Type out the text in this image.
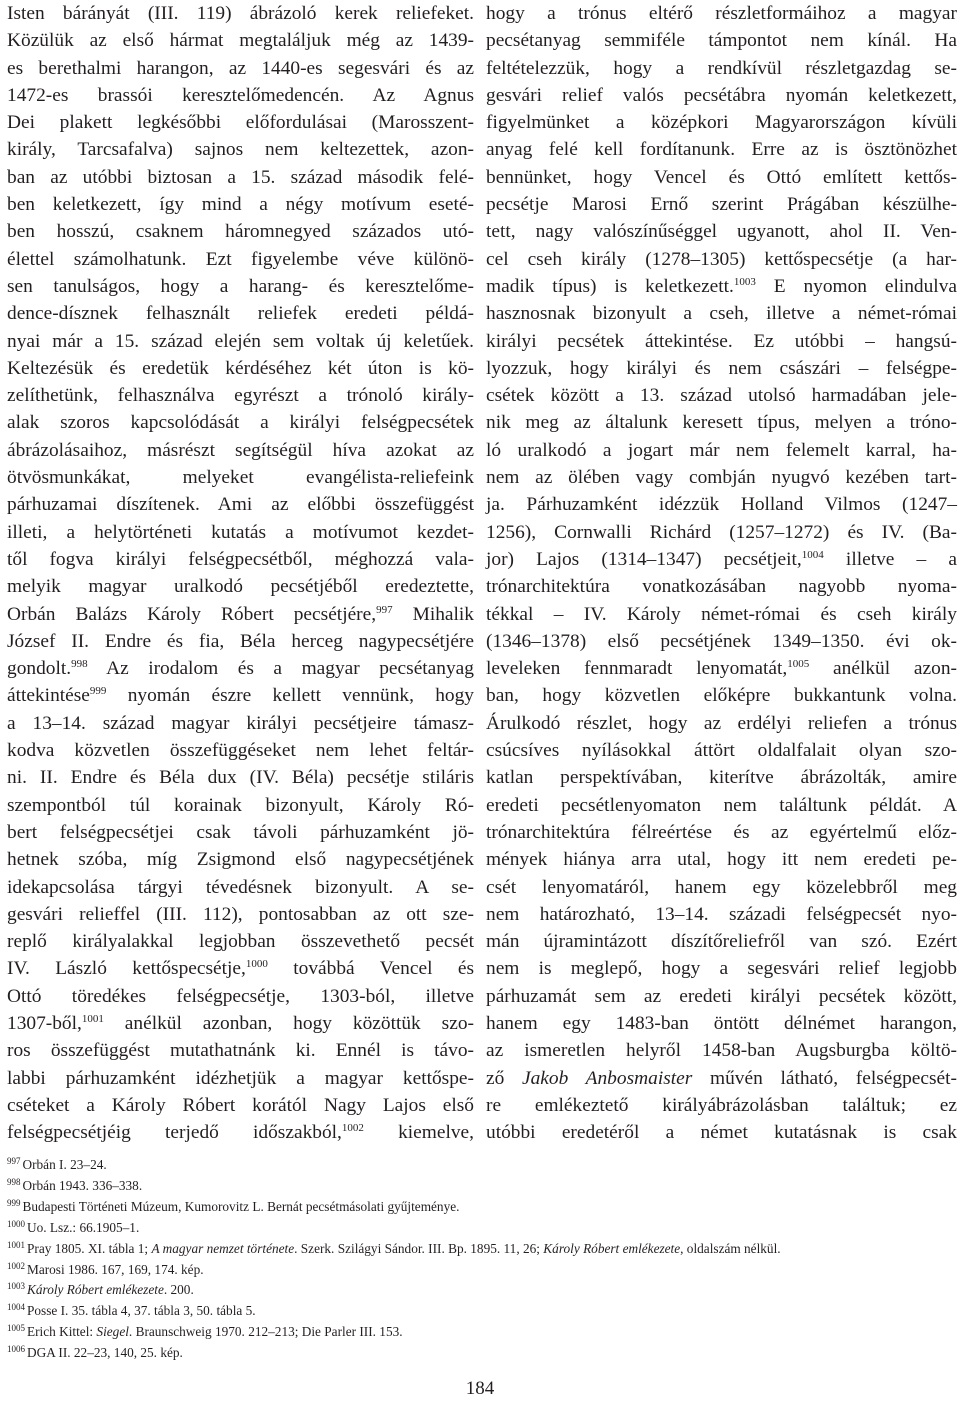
Isten bárányát (III. 119) ábrázoló kerek reliefeket.
Közülük az első hármat megtaláljuk még az 1439-
es berethalmi harangon, az 1440-es segesvári és az
1472-es brassói keresztelőmedencén. Az Agnus
Dei plakett legkésőbbi előfordulásai (Marosszent-
király, Tarcsafalva) sajnos nem keltezettek, azon-
ban az utóbbi biztosan a 15. század második felé-
ben keletkezett, így mind a négy motívum eseté-
ben hosszú, csaknem háromnegyed százados utó-
élettel számolhatunk. Ezt figyelembe véve különö-
sen tanulságos, hogy a harang- és keresztelőme-
dence-dísznek felhasznált reliefek eredeti példá-
nyai már a 15. század elején sem voltak új keletűek.
Keltezésük és eredetük kérdéséhez két úton is kö-
zelíthetünk, felhasználva egyrészt a trónoló király-
alak szoros kapcsolódását a királyi felségpecsétek
ábrázolásaihoz, másrészt segítségül híva azokat az
ötvösmunkákat, melyeket evangélista-reliefeink
párhuzamai díszítenek. Ami az előbbi összefüggést
illeti, a helytörténeti kutatás a motívumot kezdet-
től fogva királyi felségpecsétből, méghozzá vala-
melyik magyar uralkodó pecsétjéből eredeztette,
Orbán Balázs Károly Róbert pecsétjére,$^{997}$ Mihalik
József II. Endre és fia, Béla herceg nagypecsétjére
gondolt.$^{998}$ Az irodalom és a magyar pecsétanyag
áttekintése$^{999}$ nyomán észre kellett vennünk, hogy
a 13–14. század magyar királyi pecsétjeire támasz-
kodva közvetlen összefüggéseket nem lehet feltár-
ni. II. Endre és Béla dux (IV. Béla) pecsétje stiláris
szempontból túl korainak bizonyult, Károly Ró-
bert felségpecsétjei csak távoli párhuzamként jö-
hetnek szóba, míg Zsigmond első nagypecsétjének
idekapcsolása tárgyi tévedésnek bizonyult. A se-
gesvári relieffel (III. 112), pontosabban az ott sze-
replő királyalakkal legjobban összevethető pecsét
IV. László kettőspecsétje,$^{1000}$ továbbá Vencel és
Ottó töredékes felségpecsétje, 1303-ból, illetve
1307-ből,$^{1001}$ anélkül azonban, hogy közöttük szo-
ros összefüggést mutathatnánk ki. Ennél is távo-
labbi párhuzamként idézhetjük a magyar kettőspe-
cséteket a Károly Róbert korától Nagy Lajos első
felségpecsétjéig terjedő időszakból,$^{1002}$ kiemelve,
hogy a trónus eltérő részletformáihoz a magyar
pecsétanyag semmiféle támpontot nem kínál. Ha
feltételezzük, hogy a rendkívül részletgazdag se-
gesvári relief valós pecsétábra nyomán keletkezett,
figyelmünket a középkori Magyarországon kívüli
anyag felé kell fordítanunk. Erre az is ösztönözhet
bennünket, hogy Vencel és Ottó említett kettős-
pecsétje Marosi Ernő szerint Prágában készülhe-
tett, nagy valószínűséggel ugyanott, ahol II. Ven-
cel cseh király (1278–1305) kettőspecsétje (a har-
madik típus) is keletkezett.$^{1003}$ E nyomon elindulva
hasznosnak bizonyult a cseh, illetve a német-római
királyi pecsétek áttekintése. Ez utóbbi – hangsú-
lyozzuk, hogy királyi és nem császári – felségpe-
csétek között a 13. század utolsó harmadában jele-
nik meg az általunk keresett típus, melyen a tróno-
ló uralkodó a jogart már nem felemelt karral, ha-
nem az ölében vagy combján nyugvó kezében tart-
ja. Párhuzamként idézzük Holland Vilmos (1247–
1256), Cornwalli Richárd (1257–1272) és IV. (Ba-
jor) Lajos (1314–1347) pecsétjeit,$^{1004}$ illetve – a
trónarchitektúra vonatkozásában nagyobb nyoma-
tékkal – IV. Károly német-római és cseh király
(1346–1378) első pecsétjének 1349–1350. évi ok-
leveleken fennmaradt lenyomatát,$^{1005}$ anélkül azon-
ban, hogy közvetlen előképre bukkantunk volna.
Árulkodó részlet, hogy az erdélyi reliefen a trónus
csúcsíves nyílásokkal áttört oldalfalait olyan szo-
katlan perspektívában, kiterítve ábrázolták, amire
eredeti pecsétlenyomaton nem találtunk példát. A
trónarchitektúra félreértése és az egyértelmű előz-
mények hiánya arra utal, hogy itt nem eredeti pe-
csét lenyomatáról, hanem egy közelebbről meg
nem határozható, 13–14. századi felségpecsét nyo-
mán újramintázott díszítőreliefről van szó. Ezért
nem is meglepő, hogy a segesvári relief legjobb
párhuzamát sem az eredeti királyi pecsétek között,
hanem egy 1483-ban öntött délnémet harangon,
az ismeretlen helyről 1458-ban Augsburgba költö-
ző Jakob Anbosmaister művén látható, felségpecsét-
re emlékeztető királyábrázolásban találtuk; ez
utóbbi eredetéről a német kutatásnak is csak
$^{997}$ Orbán I. 23–24.
$^{998}$ Orbán 1943. 336–338.
$^{999}$ Budapesti Történeti Múzeum, Kumorovitz L. Bernát pecsétmásolati gyűjteménye.
$^{1000}$ Uo. Lsz.: 66.1905–1.
$^{1001}$ Pray 1805. XI. tábla 1; A magyar nemzet története. Szerk. Szilágyi Sándor. III. Bp. 1895. 11, 26; Károly Róbert emlékezete, oldalszám nélkül.
$^{1002}$ Marosi 1986. 167, 169, 174. kép.
$^{1003}$ Károly Róbert emlékezete. 200.
$^{1004}$ Posse I. 35. tábla 4, 37. tábla 3, 50. tábla 5.
$^{1005}$ Erich Kittel: Siegel. Braunschweig 1970. 212–213; Die Parler III. 153.
$^{1006}$ DGA II. 22–23, 140, 25. kép.
184
